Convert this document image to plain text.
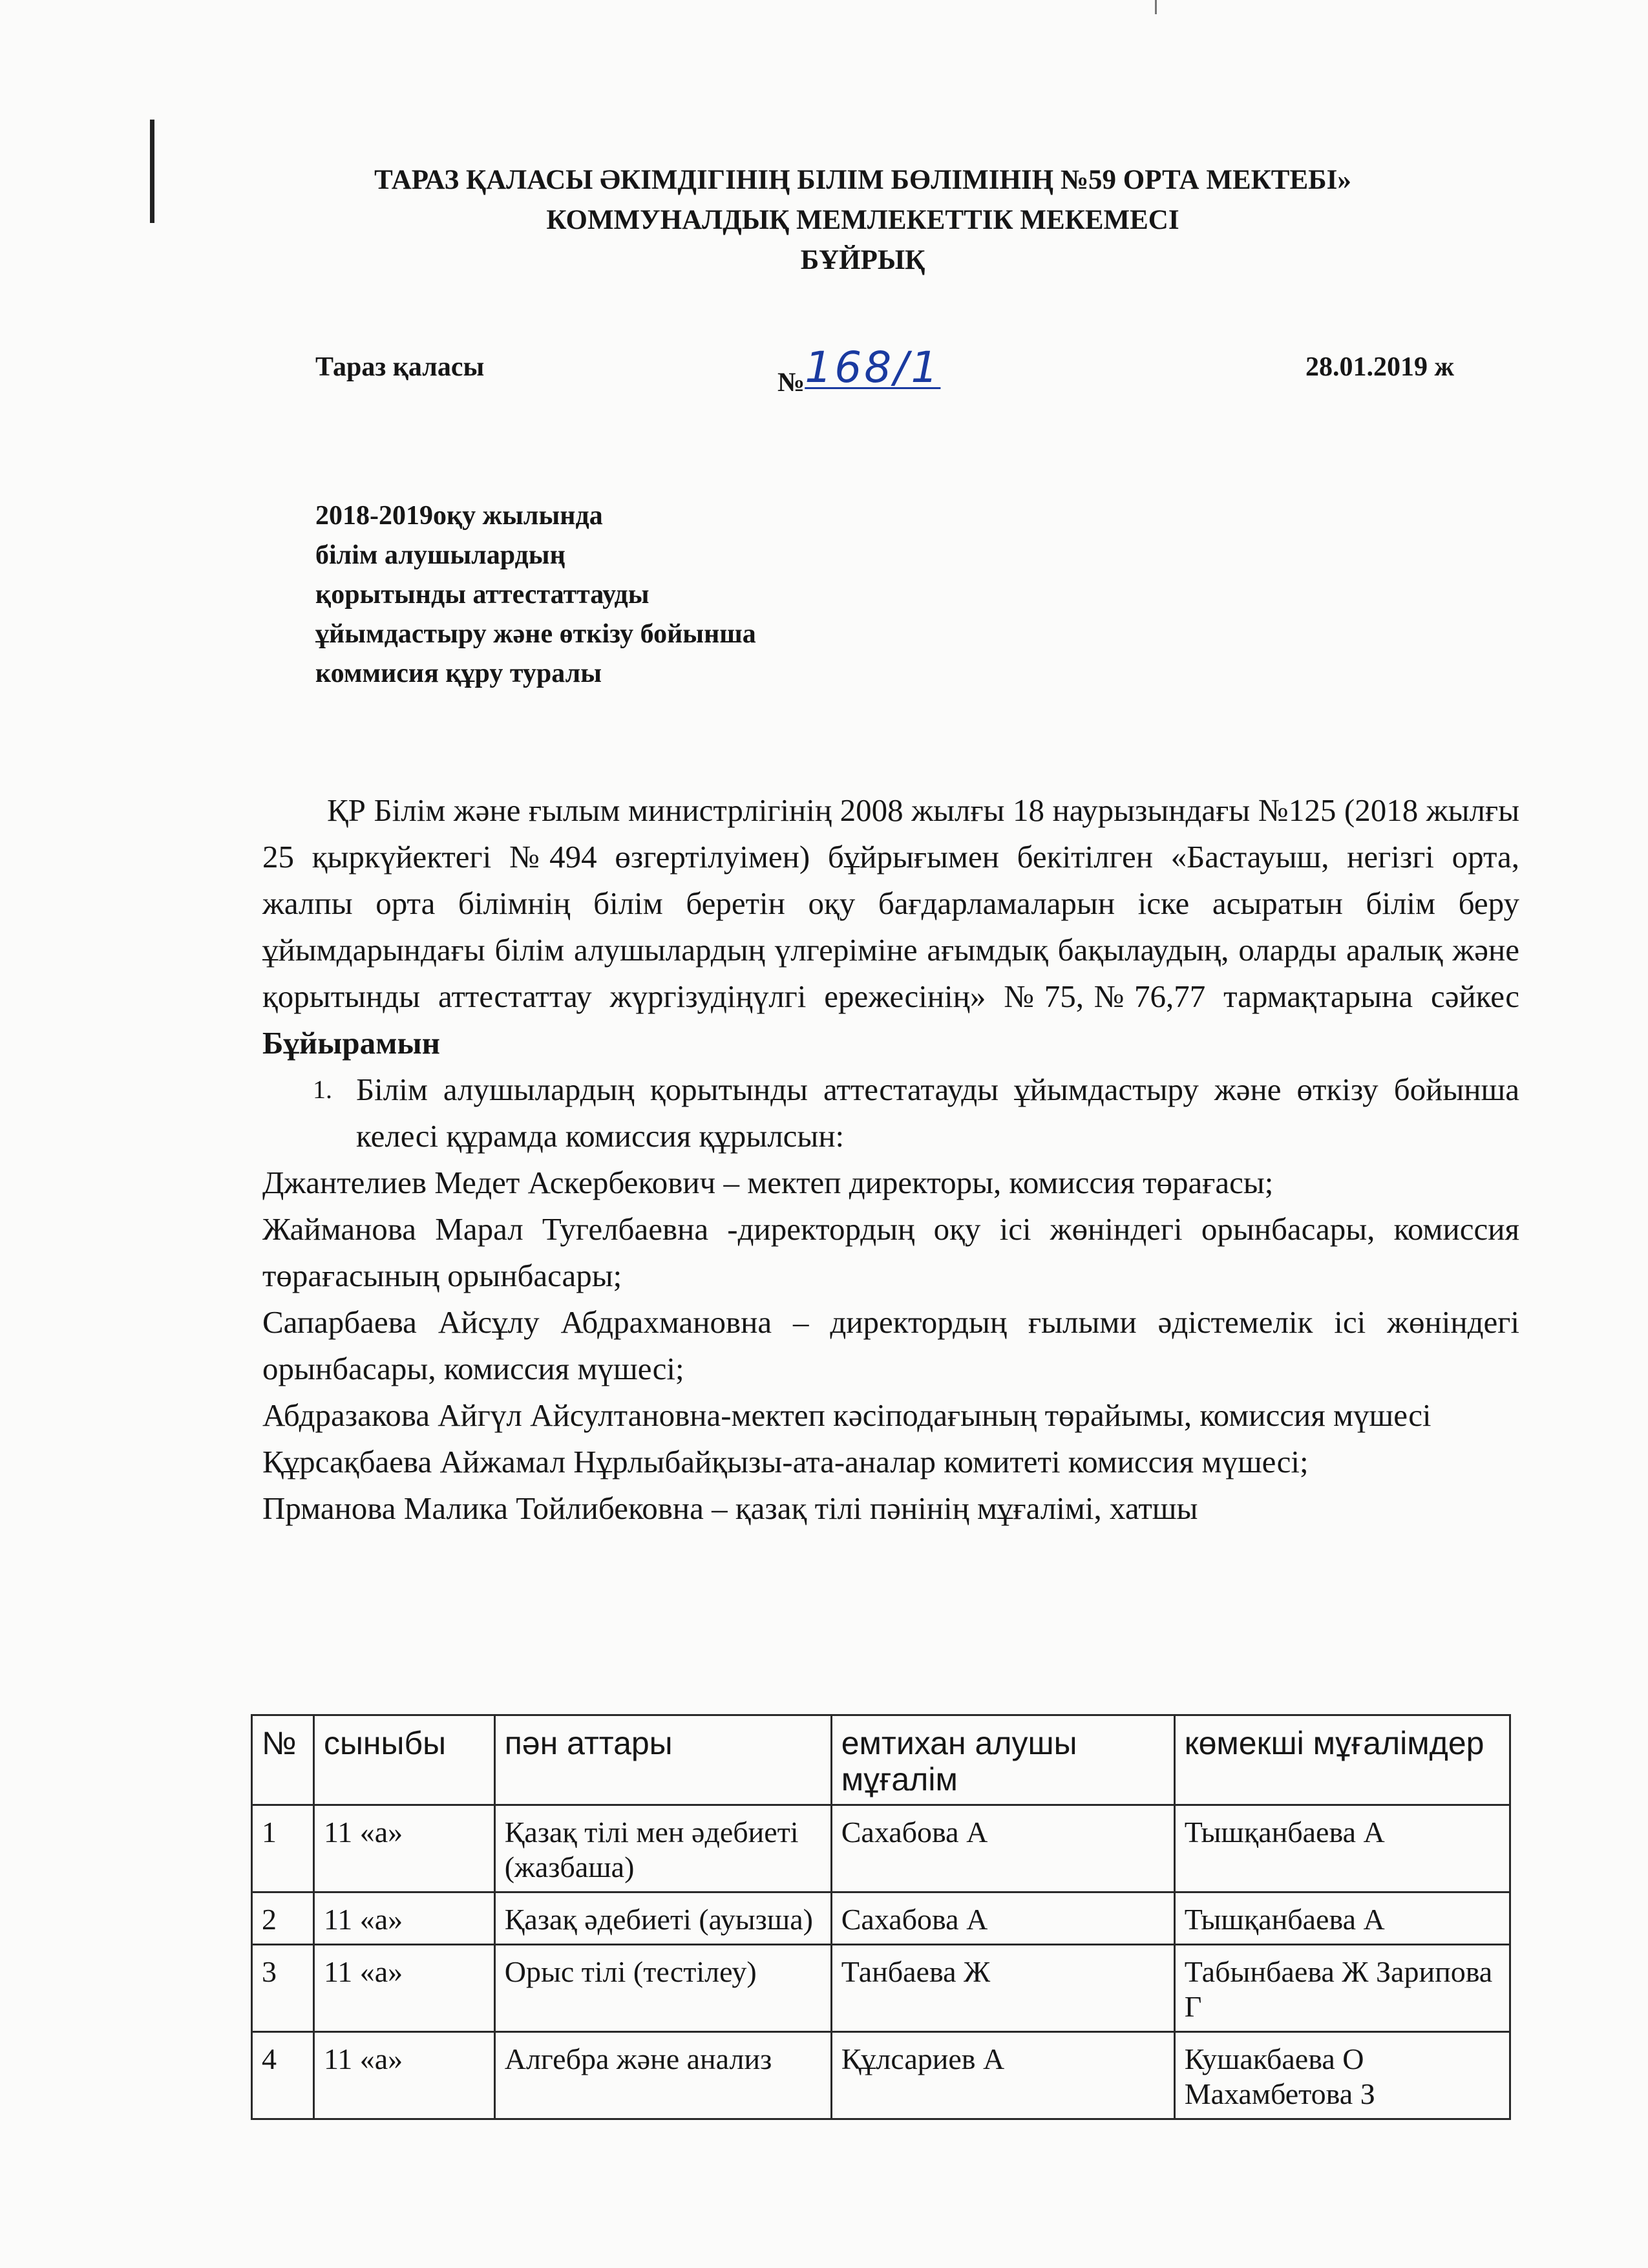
ТАРАЗ ҚАЛАСЫ ӘКІМДІГІНІҢ БІЛІМ БӨЛІМІНІҢ №59 ОРТА МЕКТЕБІ»
КОММУНАЛДЫҚ МЕМЛЕКЕТТІК МЕКЕМЕСІ
БҰЙРЫҚ
Тараз қаласы
№168/1	28.01.2019 ж
2018-2019оқу жылында
білім алушылардың
қорытынды аттестаттауды
ұйымдастыру және өткізу бойынша
коммисия құру туралы

ҚР Білім және ғылым министрлігінің 2008 жылғы 18 наурызындағы №125 (2018 жылғы 25 қыркүйектегі №494 өзгертілуімен) бұйрығымен бекітілген «Бастауыш, негізгі орта, жалпы орта білімнің білім беретін оқу бағдарламаларын іске асыратын білім беру ұйымдарындағы білім алушылардың үлгеріміне ағымдық бақылаудың, оларды аралық және қорытынды аттестаттау жүргізудіңүлгі ережесінің» №75,№76,77 тармақтарына сәйкес Бұйырамын

1. Білім алушылардың қорытынды аттестатауды ұйымдастыру және өткізу бойынша келесі құрамда комиссия құрылсын:

Джантелиев Медет Аскербекович – мектеп директоры, комиссия төрағасы;

Жайманова Марал Тугелбаевна -директордың оқу ісі жөніндегі орынбасары, комиссия төрағасының орынбасары;

Сапарбаева Айсұлу Абдрахмановна – директордың ғылыми әдістемелік ісі жөніндегі орынбасары, комиссия мүшесі;

Абдразакова Айгүл Айсултановна-мектеп кәсіподағының төрайымы, комиссия мүшесі

Құрсақбаева Айжамал Нұрлыбайқызы-ата-аналар комитеті комиссия мүшесі;

Прманова Малика Тойлибековна – қазақ тілі пәнінің мұғалімі, хатшы

№	сыныбы	пән аттары	емтихан алушы мұғалім	көмекші мұғалімдер
1	11 «а»	Қазақ тілі мен әдебиеті (жазбаша)	Сахабова А	Тышқанбаева А
2	11 «а»	Қазақ әдебиеті (ауызша)	Сахабова А	Тышқанбаева А
3	11 «а»	Орыс тілі (тестілеу)	Танбаева Ж	Табынбаева Ж Зарипова Г
4	11 «а»	Алгебра және анализ	Құлсариев А	Кушакбаева О Махамбетова З
